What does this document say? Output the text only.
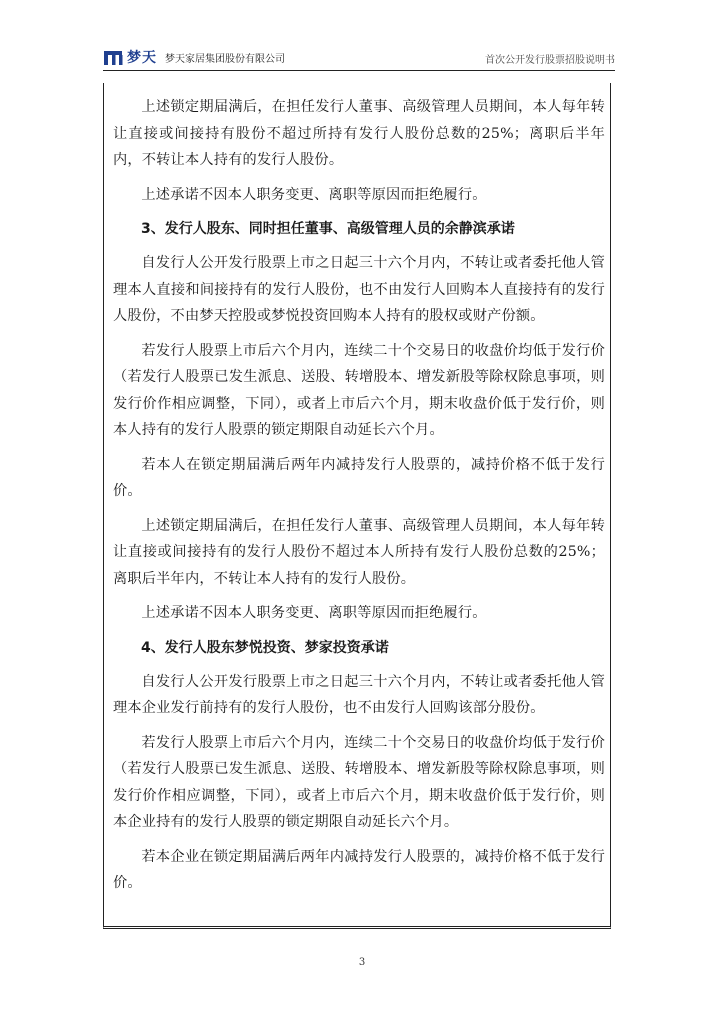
梦天 梦天家居集团股份有限公司	首次公开发行股票招股说明书

上述锁定期届满后，在担任发行人董事、高级管理人员期间，本人每年转让直接或间接持有股份不超过所持有发行人股份总数的25%；离职后半年内，不转让本人持有的发行人股份。

上述承诺不因本人职务变更、离职等原因而拒绝履行。

3、发行人股东、同时担任董事、高级管理人员的余静滨承诺

自发行人公开发行股票上市之日起三十六个月内，不转让或者委托他人管理本人直接和间接持有的发行人股份，也不由发行人回购本人直接持有的发行人股份，不由梦天控股或梦悦投资回购本人持有的股权或财产份额。

若发行人股票上市后六个月内，连续二十个交易日的收盘价均低于发行价（若发行人股票已发生派息、送股、转增股本、增发新股等除权除息事项，则发行价作相应调整，下同），或者上市后六个月，期末收盘价低于发行价，则本人持有的发行人股票的锁定期限自动延长六个月。

若本人在锁定期届满后两年内减持发行人股票的，减持价格不低于发行价。

上述锁定期届满后，在担任发行人董事、高级管理人员期间，本人每年转让直接或间接持有的发行人股份不超过本人所持有发行人股份总数的25%；离职后半年内，不转让本人持有的发行人股份。

上述承诺不因本人职务变更、离职等原因而拒绝履行。

4、发行人股东梦悦投资、梦家投资承诺

自发行人公开发行股票上市之日起三十六个月内，不转让或者委托他人管理本企业发行前持有的发行人股份，也不由发行人回购该部分股份。

若发行人股票上市后六个月内，连续二十个交易日的收盘价均低于发行价（若发行人股票已发生派息、送股、转增股本、增发新股等除权除息事项，则发行价作相应调整，下同），或者上市后六个月，期末收盘价低于发行价，则本企业持有的发行人股票的锁定期限自动延长六个月。

若本企业在锁定期届满后两年内减持发行人股票的，减持价格不低于发行价。

3
